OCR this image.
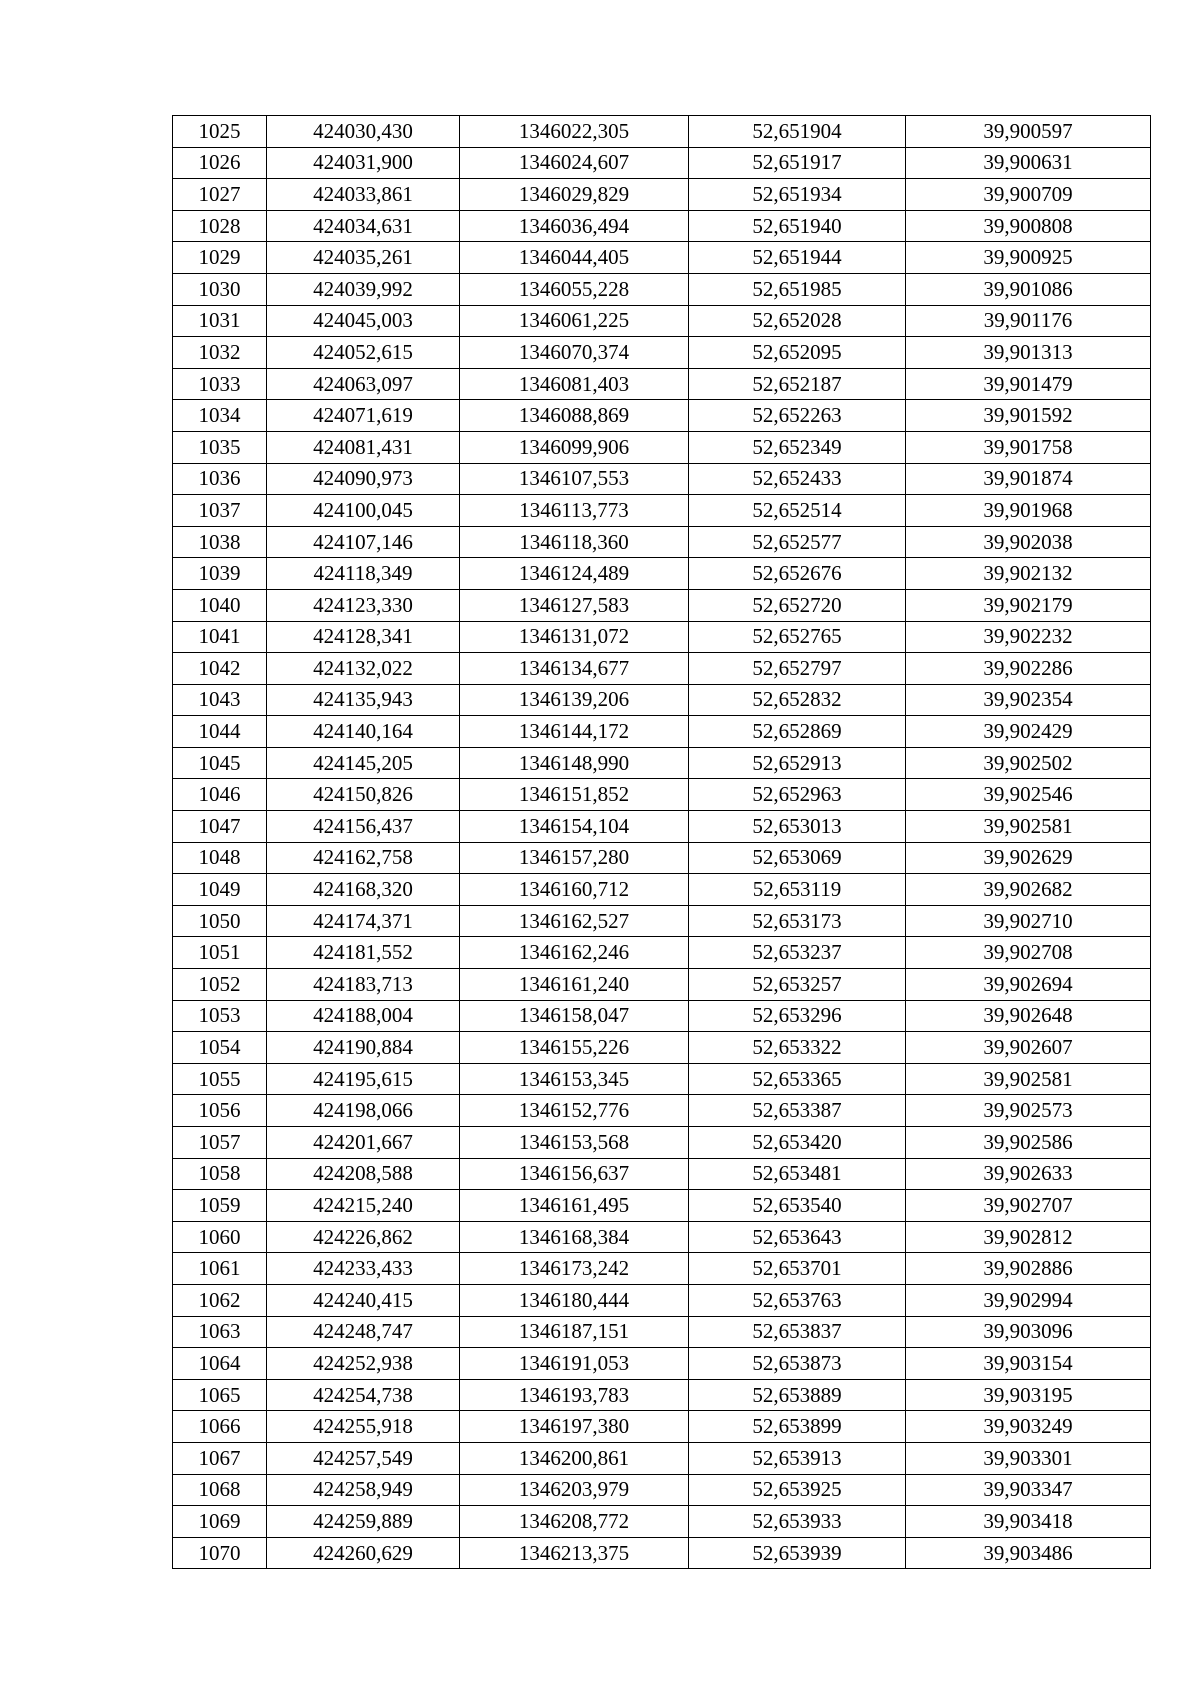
1025	424030,430	1346022,305	52,651904	39,900597
1026	424031,900	1346024,607	52,651917	39,900631
1027	424033,861	1346029,829	52,651934	39,900709
1028	424034,631	1346036,494	52,651940	39,900808
1029	424035,261	1346044,405	52,651944	39,900925
1030	424039,992	1346055,228	52,651985	39,901086
1031	424045,003	1346061,225	52,652028	39,901176
1032	424052,615	1346070,374	52,652095	39,901313
1033	424063,097	1346081,403	52,652187	39,901479
1034	424071,619	1346088,869	52,652263	39,901592
1035	424081,431	1346099,906	52,652349	39,901758
1036	424090,973	1346107,553	52,652433	39,901874
1037	424100,045	1346113,773	52,652514	39,901968
1038	424107,146	1346118,360	52,652577	39,902038
1039	424118,349	1346124,489	52,652676	39,902132
1040	424123,330	1346127,583	52,652720	39,902179
1041	424128,341	1346131,072	52,652765	39,902232
1042	424132,022	1346134,677	52,652797	39,902286
1043	424135,943	1346139,206	52,652832	39,902354
1044	424140,164	1346144,172	52,652869	39,902429
1045	424145,205	1346148,990	52,652913	39,902502
1046	424150,826	1346151,852	52,652963	39,902546
1047	424156,437	1346154,104	52,653013	39,902581
1048	424162,758	1346157,280	52,653069	39,902629
1049	424168,320	1346160,712	52,653119	39,902682
1050	424174,371	1346162,527	52,653173	39,902710
1051	424181,552	1346162,246	52,653237	39,902708
1052	424183,713	1346161,240	52,653257	39,902694
1053	424188,004	1346158,047	52,653296	39,902648
1054	424190,884	1346155,226	52,653322	39,902607
1055	424195,615	1346153,345	52,653365	39,902581
1056	424198,066	1346152,776	52,653387	39,902573
1057	424201,667	1346153,568	52,653420	39,902586
1058	424208,588	1346156,637	52,653481	39,902633
1059	424215,240	1346161,495	52,653540	39,902707
1060	424226,862	1346168,384	52,653643	39,902812
1061	424233,433	1346173,242	52,653701	39,902886
1062	424240,415	1346180,444	52,653763	39,902994
1063	424248,747	1346187,151	52,653837	39,903096
1064	424252,938	1346191,053	52,653873	39,903154
1065	424254,738	1346193,783	52,653889	39,903195
1066	424255,918	1346197,380	52,653899	39,903249
1067	424257,549	1346200,861	52,653913	39,903301
1068	424258,949	1346203,979	52,653925	39,903347
1069	424259,889	1346208,772	52,653933	39,903418
1070	424260,629	1346213,375	52,653939	39,903486
